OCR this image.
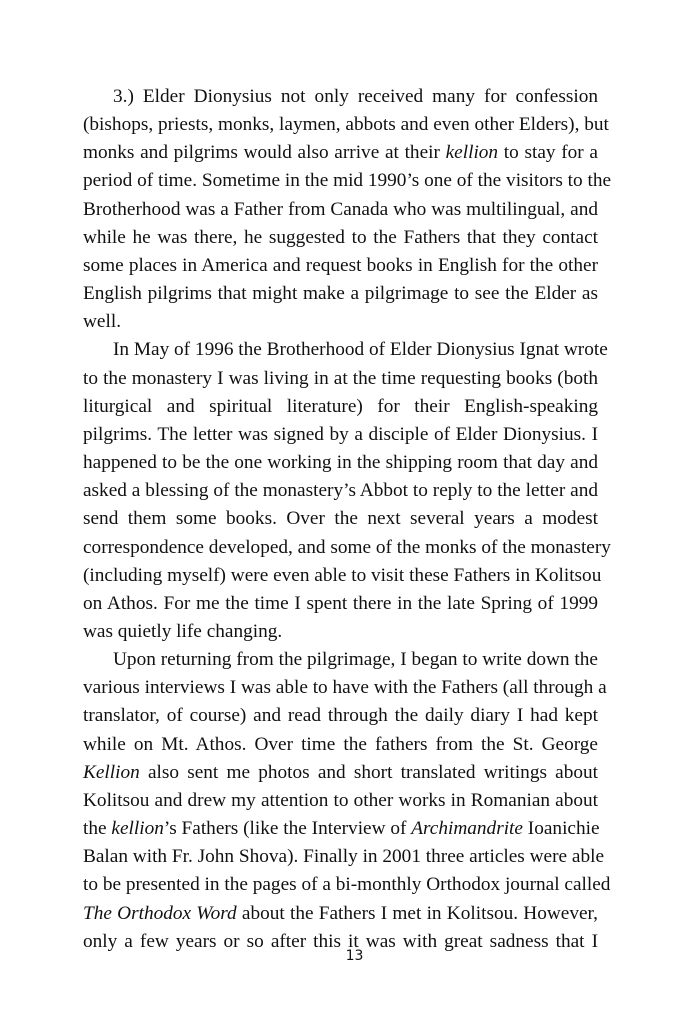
3.) Elder Dionysius not only received many for confession
(bishops, priests, monks, laymen, abbots and even other Elders), but
monks and pilgrims would also arrive at their kellion to stay for a
period of time. Sometime in the mid 1990’s one of the visitors to the
Brotherhood was a Father from Canada who was multilingual, and
while he was there, he suggested to the Fathers that they contact
some places in America and request books in English for the other
English pilgrims that might make a pilgrimage to see the Elder as
well.
In May of 1996 the Brotherhood of Elder Dionysius Ignat wrote
to the monastery I was living in at the time requesting books (both
liturgical and spiritual literature) for their English-speaking
pilgrims. The letter was signed by a disciple of Elder Dionysius. I
happened to be the one working in the shipping room that day and
asked a blessing of the monastery’s Abbot to reply to the letter and
send them some books. Over the next several years a modest
correspondence developed, and some of the monks of the monastery
(including myself) were even able to visit these Fathers in Kolitsou
on Athos. For me the time I spent there in the late Spring of 1999
was quietly life changing.
Upon returning from the pilgrimage, I began to write down the
various interviews I was able to have with the Fathers (all through a
translator, of course) and read through the daily diary I had kept
while on Mt. Athos. Over time the fathers from the St. George
Kellion also sent me photos and short translated writings about
Kolitsou and drew my attention to other works in Romanian about
the kellion’s Fathers (like the Interview of Archimandrite Ioanichie
Balan with Fr. John Shova). Finally in 2001 three articles were able
to be presented in the pages of a bi-monthly Orthodox journal called
The Orthodox Word about the Fathers I met in Kolitsou. However,
only a few years or so after this it was with great sadness that I
13
